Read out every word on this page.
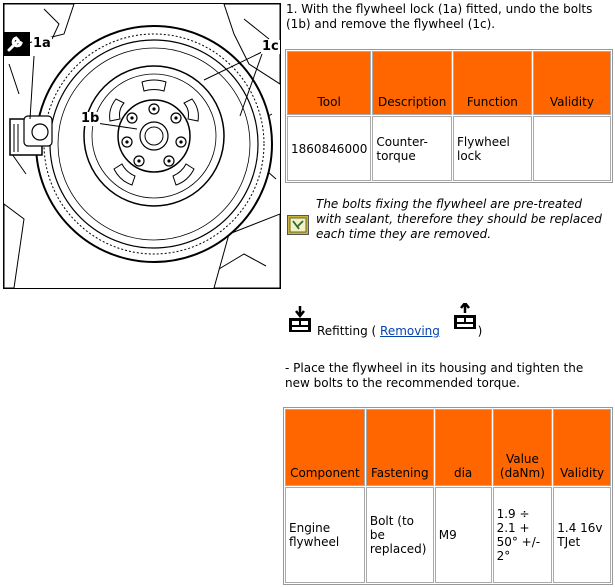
1a
1b
1c
1. With the flywheel lock (1a) fitted, undo the bolts (1b) and remove the flywheel (1c).
Tool	Description	Function	Validity
1860846000	Counter-torque	Flywheel lock	
The bolts fixing the flywheel are pre-treated with sealant, therefore they should be replaced each time they are removed.
Refitting ( Removing	)
- Place the flywheel in its housing and tighten the new bolts to the recommended torque.
Component	Fastening	dia	Value (daNm)	Validity
Engine flywheel	Bolt (to be replaced)	M9	1.9 ÷ 2.1 + 50° +/- 2°	1.4 16v TJet
